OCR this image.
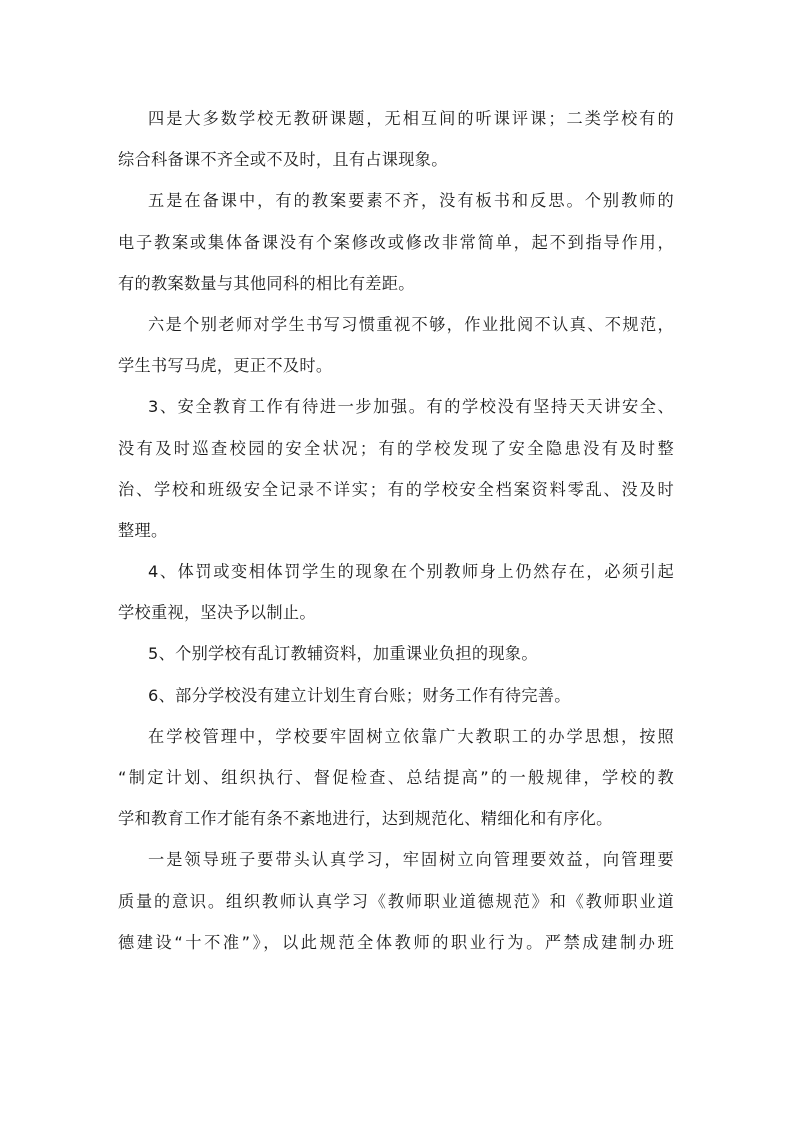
四是大多数学校无教研课题，无相互间的听课评课；二类学校有的
综合科备课不齐全或不及时，且有占课现象。
五是在备课中，有的教案要素不齐，没有板书和反思。个别教师的
电子教案或集体备课没有个案修改或修改非常简单，起不到指导作用，
有的教案数量与其他同科的相比有差距。
六是个别老师对学生书写习惯重视不够，作业批阅不认真、不规范，
学生书写马虎，更正不及时。
3、安全教育工作有待进一步加强。有的学校没有坚持天天讲安全、
没有及时巡查校园的安全状况；有的学校发现了安全隐患没有及时整
治、学校和班级安全记录不详实；有的学校安全档案资料零乱、没及时
整理。
4、体罚或变相体罚学生的现象在个别教师身上仍然存在，必须引起
学校重视，坚决予以制止。
5、个别学校有乱订教辅资料，加重课业负担的现象。
6、部分学校没有建立计划生育台账；财务工作有待完善。
在学校管理中，学校要牢固树立依靠广大教职工的办学思想，按照
“制定计划、组织执行、督促检查、总结提高”的一般规律，学校的教
学和教育工作才能有条不紊地进行，达到规范化、精细化和有序化。
一是领导班子要带头认真学习，牢固树立向管理要效益，向管理要
质量的意识。组织教师认真学习《教师职业道德规范》和《教师职业道
德建设“十不准”》，以此规范全体教师的职业行为。严禁成建制办班
